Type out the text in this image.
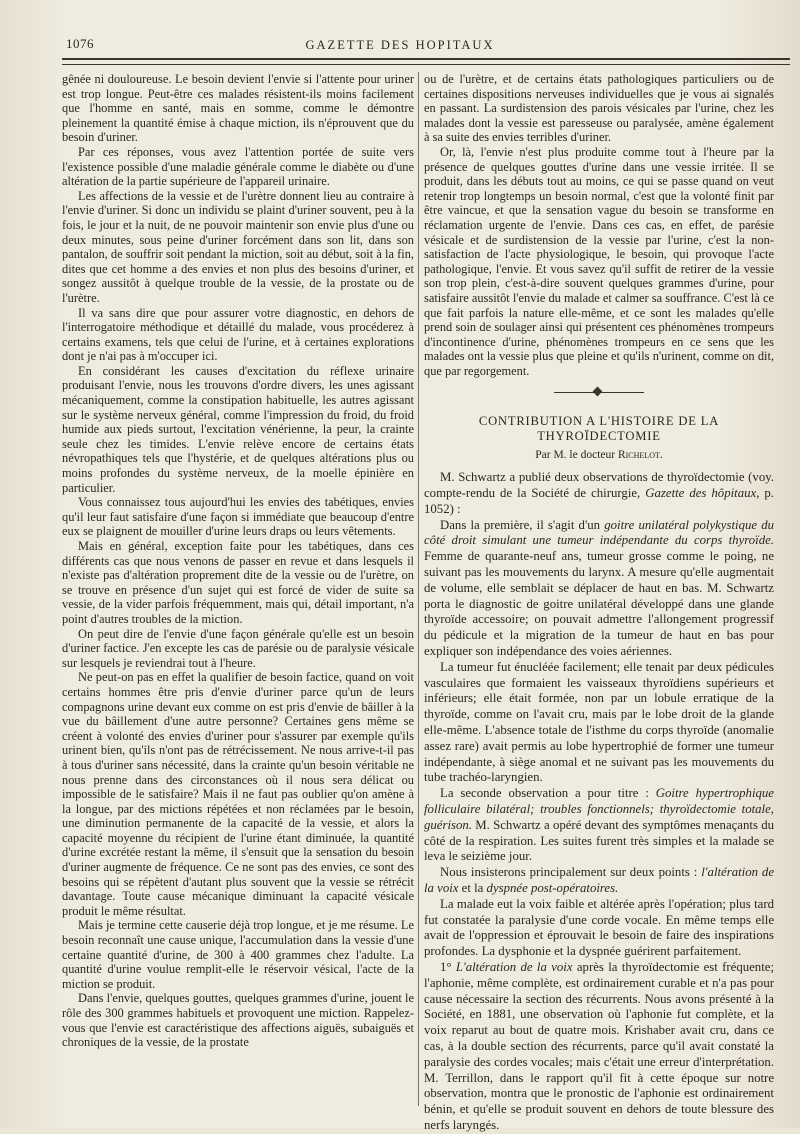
1076	GAZETTE DES HOPITAUX

gênée ni douloureuse. Le besoin devient l'envie si l'attente pour uriner est trop longue. Peut-être ces malades résistent-ils moins facilement que l'homme en santé, mais en somme, comme le démontre pleinement la quantité émise à chaque miction, ils n'éprouvent que du besoin d'uriner.

Par ces réponses, vous avez l'attention portée de suite vers l'existence possible d'une maladie générale comme le diabète ou d'une altération de la partie supérieure de l'appareil urinaire.

Les affections de la vessie et de l'urètre donnent lieu au contraire à l'envie d'uriner. Si donc un individu se plaint d'uriner souvent, peu à la fois, le jour et la nuit, de ne pouvoir maintenir son envie plus d'une ou deux minutes, sous peine d'uriner forcément dans son lit, dans son pantalon, de souffrir soit pendant la miction, soit au début, soit à la fin, dites que cet homme a des envies et non plus des besoins d'uriner, et songez aussitôt à quelque trouble de la vessie, de la prostate ou de l'urètre.

Il va sans dire que pour assurer votre diagnostic, en dehors de l'interrogatoire méthodique et détaillé du malade, vous procéderez à certains examens, tels que celui de l'urine, et à certaines explorations dont je n'ai pas à m'occuper ici.

En considérant les causes d'excitation du réflexe urinaire produisant l'envie, nous les trouvons d'ordre divers, les unes agissant mécaniquement, comme la constipation habituelle, les autres agissant sur le système nerveux général, comme l'impression du froid, du froid humide aux pieds surtout, l'excitation vénérienne, la peur, la crainte seule chez les timides. L'envie relève encore de certains états névropathiques tels que l'hystérie, et de quelques altérations plus ou moins profondes du système nerveux, de la moelle épinière en particulier.

Vous connaissez tous aujourd'hui les envies des tabétiques, envies qu'il leur faut satisfaire d'une façon si immédiate que beaucoup d'entre eux se plaignent de mouiller d'urine leurs draps ou leurs vêtements.

Mais en général, exception faite pour les tabétiques, dans ces différents cas que nous venons de passer en revue et dans lesquels il n'existe pas d'altération proprement dite de la vessie ou de l'urètre, on se trouve en présence d'un sujet qui est forcé de vider de suite sa vessie, de la vider parfois fréquemment, mais qui, détail important, n'a point d'autres troubles de la miction.

On peut dire de l'envie d'une façon générale qu'elle est un besoin d'uriner factice. J'en excepte les cas de parésie ou de paralysie vésicale sur lesquels je reviendrai tout à l'heure.

Ne peut-on pas en effet la qualifier de besoin factice, quand on voit certains hommes être pris d'envie d'uriner parce qu'un de leurs compagnons urine devant eux comme on est pris d'envie de bâiller à la vue du bâillement d'une autre personne? Certaines gens même se créent à volonté des envies d'uriner pour s'assurer par exemple qu'ils urinent bien, qu'ils n'ont pas de rétrécissement. Ne nous arrive-t-il pas à tous d'uriner sans nécessité, dans la crainte qu'un besoin véritable ne nous prenne dans des circonstances où il nous sera délicat ou impossible de le satisfaire? Mais il ne faut pas oublier qu'on amène à la longue, par des mictions répétées et non réclamées par le besoin, une diminution permanente de la capacité de la vessie, et alors la capacité moyenne du récipient de l'urine étant diminuée, la quantité d'urine excrétée restant la même, il s'ensuit que la sensation du besoin d'uriner augmente de fréquence. Ce ne sont pas des envies, ce sont des besoins qui se répètent d'autant plus souvent que la vessie se rétrécit davantage. Toute cause mécanique diminuant la capacité vésicale produit le même résultat.

Mais je termine cette causerie déjà trop longue, et je me résume. Le besoin reconnaît une cause unique, l'accumulation dans la vessie d'une certaine quantité d'urine, de 300 à 400 grammes chez l'adulte. La quantité d'urine voulue remplit-elle le réservoir vésical, l'acte de la miction se produit.

Dans l'envie, quelques gouttes, quelques grammes d'urine, jouent le rôle des 300 grammes habituels et provoquent une miction. Rappelez-vous que l'envie est caractéristique des affections aiguës, subaiguës et chroniques de la vessie, de la prostate

ou de l'urètre, et de certains états pathologiques particuliers ou de certaines dispositions nerveuses individuelles que je vous ai signalés en passant. La surdistension des parois vésicales par l'urine, chez les malades dont la vessie est paresseuse ou paralysée, amène également à sa suite des envies terribles d'uriner.

Or, là, l'envie n'est plus produite comme tout à l'heure par la présence de quelques gouttes d'urine dans une vessie irritée. Il se produit, dans les débuts tout au moins, ce qui se passe quand on veut retenir trop longtemps un besoin normal, c'est que la volonté finit par être vaincue, et que la sensation vague du besoin se transforme en réclamation urgente de l'envie. Dans ces cas, en effet, de parésie vésicale et de surdistension de la vessie par l'urine, c'est la non-satisfaction de l'acte physiologique, le besoin, qui provoque l'acte pathologique, l'envie. Et vous savez qu'il suffit de retirer de la vessie son trop plein, c'est-à-dire souvent quelques grammes d'urine, pour satisfaire aussitôt l'envie du malade et calmer sa souffrance. C'est là ce que fait parfois la nature elle-même, et ce sont les malades qu'elle prend soin de soulager ainsi qui présentent ces phénomènes trompeurs d'incontinence d'urine, phénomènes trompeurs en ce sens que les malades ont la vessie plus que pleine et qu'ils n'urinent, comme on dit, que par regorgement.

CONTRIBUTION A L'HISTOIRE DE LA THYROÏDECTOMIE
Par M. le docteur Richelot.

M. Schwartz a publié deux observations de thyroïdectomie (voy. compte-rendu de la Société de chirurgie, Gazette des hôpitaux, p. 1052) :

Dans la première, il s'agit d'un goitre unilatéral polykystique du côté droit simulant une tumeur indépendante du corps thyroïde. Femme de quarante-neuf ans, tumeur grosse comme le poing, ne suivant pas les mouvements du larynx. A mesure qu'elle augmentait de volume, elle semblait se déplacer de haut en bas. M. Schwartz porta le diagnostic de goitre unilatéral développé dans une glande thyroïde accessoire; on pouvait admettre l'allongement progressif du pédicule et la migration de la tumeur de haut en bas pour expliquer son indépendance des voies aériennes.

La tumeur fut énucléée facilement; elle tenait par deux pédicules vasculaires que formaient les vaisseaux thyroïdiens supérieurs et inférieurs; elle était formée, non par un lobule erratique de la thyroïde, comme on l'avait cru, mais par le lobe droit de la glande elle-même. L'absence totale de l'isthme du corps thyroïde (anomalie assez rare) avait permis au lobe hypertrophié de former une tumeur indépendante, à siège anomal et ne suivant pas les mouvements du tube trachéo-laryngien.

La seconde observation a pour titre : Goitre hypertrophique folliculaire bilatéral; troubles fonctionnels; thyroïdectomie totale, guérison. M. Schwartz a opéré devant des symptômes menaçants du côté de la respiration. Les suites furent très simples et la malade se leva le seizième jour.

Nous insisterons principalement sur deux points : l'altération de la voix et la dyspnée post-opératoires.

La malade eut la voix faible et altérée après l'opération; plus tard fut constatée la paralysie d'une corde vocale. En même temps elle avait de l'oppression et éprouvait le besoin de faire des inspirations profondes. La dysphonie et la dyspnée guérirent parfaitement.

1° L'altération de la voix après la thyroïdectomie est fréquente; l'aphonie, même complète, est ordinairement curable et n'a pas pour cause nécessaire la section des récurrents. Nous avons présenté à la Société, en 1881, une observation où l'aphonie fut complète, et la voix reparut au bout de quatre mois. Krishaber avait cru, dans ce cas, à la double section des récurrents, parce qu'il avait constaté la paralysie des cordes vocales; mais c'était une erreur d'interprétation. M. Terrillon, dans le rapport qu'il fit à cette époque sur notre observation, montra que le pronostic de l'aphonie est ordinairement bénin, et qu'elle se produit souvent en dehors de toute blessure des nerfs laryngés.
